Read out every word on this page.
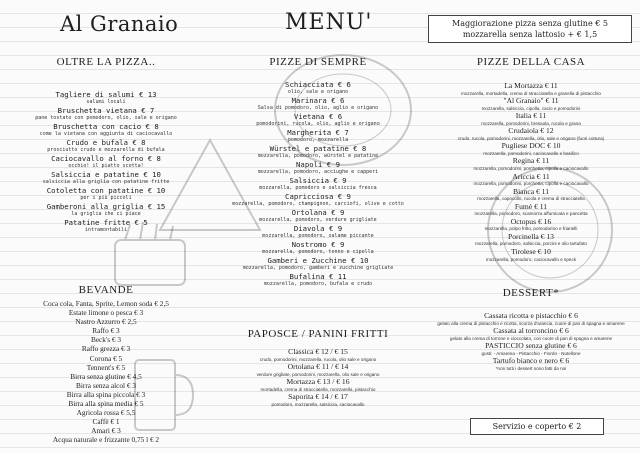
Al Granaio	MENU'	Maggiorazione pizza senza glutine € 5
mozzarella senza lattosio + € 1,5
OLTRE LA PIZZA..
Tagliere di salumi € 13
salumi locali
Bruschetta vietana € 7
pane tostato con pomodoro, olio, sale e origano
Bruschetta con cacio € 8
come la vietana con aggiunta di caciocavallo
Crudo e bufala € 8
prosciutto crudo e mozzarella di bufala
Caciocavallo al forno € 8
occhio! il piatto scotta!
Salsiccia e patatine € 10
salsiccia alla griglia con patatine fritte
Cotoletta con patatine € 10
per i più piccoli
Gamberoni alla griglia € 15
la griglia che ci piace
Patatine fritte € 5
intramontabili
BEVANDE
Coca cola, Fanta, Sprite, Lemon soda € 2,5
Estate limone o pesca € 3
Nastro Azzurro € 2,5
Raffo € 3
Beck's € 3
Raffo grezza € 3
Corona € 5
Tennent's € 5
Birra senza glutine € 4,5
Birra senza alcol € 3
Birra alla spina piccola € 3
Birra alla spina media € 5
Agricola rossa € 5,5
Caffè € 1
Amari € 3
Acqua naturale e frizzante 0,75 l € 2
PIZZE DI SEMPRE
Schiacciata € 6
olio, sale e origano
Marinara € 6
Salsa di pomodoro, olio, aglio e origano
Vietana € 6
pomodorini, rucola, olio, aglio e origano
Margherita € 7
pomodoro, mozzarella
Würstel e patatine € 8
mozzarella, pomodoro, würstel e patatine
Napoli € 9
mozzarella, pomodoro, acciughe e capperi
Salsiccia € 9
mozzarella, pomodoro e salsiccia fresca
Capricciosa € 9
mozzarella, pomodoro, champignon, carciofi, olive e cotto
Ortolana € 9
mozzarella, pomodoro, verdure grigliate
Diavola € 9
mozzarella, pomodoro, salame piccante
Nostromo € 9
mozzarella, pomodoro, tonno e cipolla
Gamberi e Zucchine € 10
mozzarella, pomodoro, gamberi e zucchine grigliate
Bufalina € 11
mozzarella, pomodoro, bufala e crudo
PAPOSCE / PANINI FRITTI
Classica € 12 / € 15
crudo, pomodorini, mozzarella, rucola, olio sale e origano
Ortolana € 11 / € 14
verdure grigliate, pomodorini, mozzarella, olio sale e origano
Mortazza € 13 / € 16
mortadella, crema di stracciatella, mozzarella, pistacchio
Saporita € 14 / € 17
pomodoro, mozzarella, salsiccia, caciocavallo
PIZZE DELLA CASA
La Mortazza € 11
mozzarella, mortadella, crema di stracciatella e granella di pistacchio
"Al Granaio" € 11
mozzarella, salsiccia, cipolla, cacio e pomodorini
Italia € 11
mozzarella, pomodorini, bresaola, rucola e grana
Crudaiola € 12
crudo, rucola, pomodorini, mozzarella, olio, sale e origano (fuori cottura)
Pugliese DOC € 10
mozzarella, pomodorini, caciocavallo e basilico
Regina € 11
mozzarella, pomodorini, porchetta, cipolla e caciocavallo
Ariccia € 11
mozzarella, pomodorini, porchetta, cipolla e caciocavallo
Bianca € 11
mozzarella, capocollo, rucola e crema di stracciatella
Fumè € 11
mozzarella, pomodoro, scamorza affumicata e pancetta
Octopus € 16
mozzarella, polpo fritto, pomodorino e friarielli
Porcinella € 13
mozzarella, pomodoro, salsiccia, porcini e olio tartufato
Tirolese € 10
mozzarella, pomodoro, caciocavallo e speck
DESSERT*
Cassata ricotta e pistacchio € 6
gelato alla crema di pistacchio e ricotta, scorza d'arancia, cuore di pan di spagna e amarene
Cassata al torroncino € 6
gelato alla crema di torrone e cioccolato, con cuore di pan di spagna e amarene
PASTICCIO senza glutine € 6
gusti: - Amarena - Pistacchio - Fiordo - Nutellone
Tartufo bianco e nero € 6
*non tutti i dessert sono fatti da noi
Servizio e coperto € 2
